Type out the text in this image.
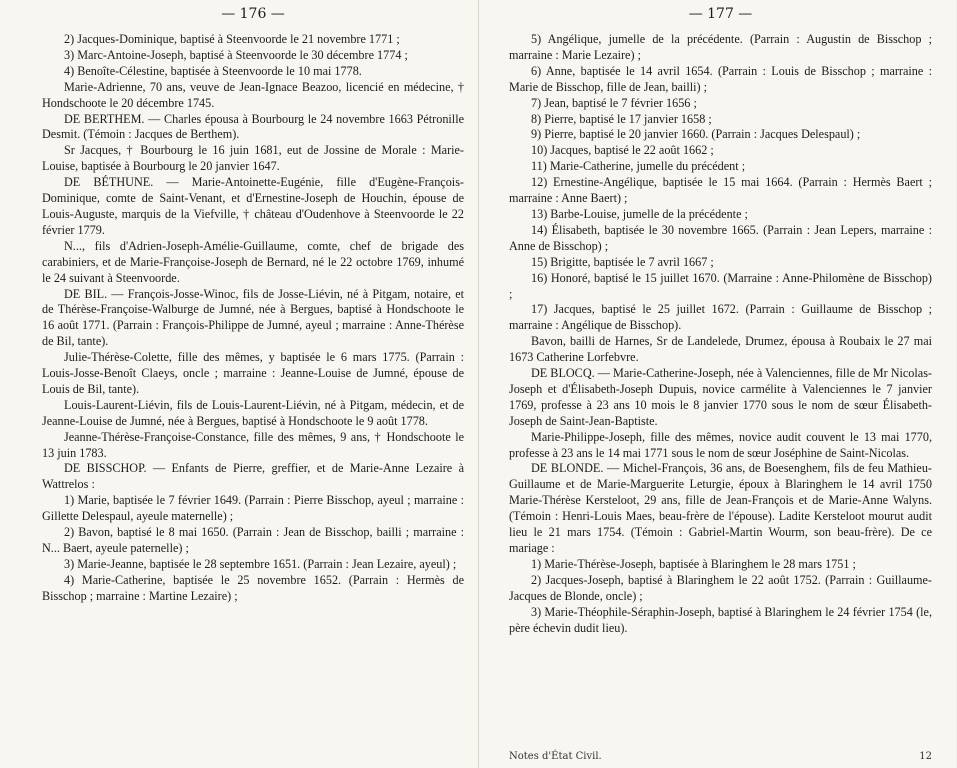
— 176 —

2) Jacques-Dominique, baptisé à Steenvoorde le 21 novembre 1771 ;

3) Marc-Antoine-Joseph, baptisé à Steenvoorde le 30 décembre 1774 ;

4) Benoîte-Célestine, baptisée à Steenvoorde le 10 mai 1778.

Marie-Adrienne, 70 ans, veuve de Jean-Ignace Beazoo, licencié en médecine, † Hondschoote le 20 décembre 1745.

DE BERTHEM. — Charles épousa à Bourbourg le 24 novembre 1663 Pétronille Desmit. (Témoin : Jacques de Berthem).

Sr Jacques, † Bourbourg le 16 juin 1681, eut de Jossine de Morale : Marie-Louise, baptisée à Bourbourg le 20 janvier 1647.

DE BÉTHUNE. — Marie-Antoinette-Eugénie, fille d'Eugène-François-Dominique, comte de Saint-Venant, et d'Ernestine-Joseph de Houchin, épouse de Louis-Auguste, marquis de la Viefville, † château d'Oudenhove à Steenvoorde le 22 février 1779.

N..., fils d'Adrien-Joseph-Amélie-Guillaume, comte, chef de brigade des carabiniers, et de Marie-Françoise-Joseph de Bernard, né le 22 octobre 1769, inhumé le 24 suivant à Steenvoorde.

DE BIL. — François-Josse-Winoc, fils de Josse-Liévin, né à Pitgam, notaire, et de Thérèse-Françoise-Walburge de Jumné, née à Bergues, baptisé à Hondschoote le 16 août 1771. (Parrain : François-Philippe de Jumné, ayeul ; marraine : Anne-Thérèse de Bil, tante).

Julie-Thérèse-Colette, fille des mêmes, y baptisée le 6 mars 1775. (Parrain : Louis-Josse-Benoît Claeys, oncle ; marraine : Jeanne-Louise de Jumné, épouse de Louis de Bil, tante).

Louis-Laurent-Liévin, fils de Louis-Laurent-Liévin, né à Pitgam, médecin, et de Jeanne-Louise de Jumné, née à Bergues, baptisé à Hondschoote le 9 août 1778.

Jeanne-Thérèse-Françoise-Constance, fille des mêmes, 9 ans, † Hondschoote le 13 juin 1783.

DE BISSCHOP. — Enfants de Pierre, greffier, et de Marie-Anne Lezaire à Wattrelos :

1) Marie, baptisée le 7 février 1649. (Parrain : Pierre Bisschop, ayeul ; marraine : Gillette Delespaul, ayeule maternelle) ;

2) Bavon, baptisé le 8 mai 1650. (Parrain : Jean de Bisschop, bailli ; marraine : N... Baert, ayeule paternelle) ;

3) Marie-Jeanne, baptisée le 28 septembre 1651. (Parrain : Jean Lezaire, ayeul) ;

4) Marie-Catherine, baptisée le 25 novembre 1652. (Parrain : Hermès de Bisschop ; marraine : Martine Lezaire) ;

— 177 —

5) Angélique, jumelle de la précédente. (Parrain : Augustin de Bisschop ; marraine : Marie Lezaire) ;

6) Anne, baptisée le 14 avril 1654. (Parrain : Louis de Bisschop ; marraine : Marie de Bisschop, fille de Jean, bailli) ;

7) Jean, baptisé le 7 février 1656 ;

8) Pierre, baptisé le 17 janvier 1658 ;

9) Pierre, baptisé le 20 janvier 1660. (Parrain : Jacques Delespaul) ;

10) Jacques, baptisé le 22 août 1662 ;

11) Marie-Catherine, jumelle du précédent ;

12) Ernestine-Angélique, baptisée le 15 mai 1664. (Parrain : Hermès Baert ; marraine : Anne Baert) ;

13) Barbe-Louise, jumelle de la précédente ;

14) Élisabeth, baptisée le 30 novembre 1665. (Parrain : Jean Lepers, marraine : Anne de Bisschop) ;

15) Brigitte, baptisée le 7 avril 1667 ;

16) Honoré, baptisé le 15 juillet 1670. (Marraine : Anne-Philomène de Bisschop) ;

17) Jacques, baptisé le 25 juillet 1672. (Parrain : Guillaume de Bisschop ; marraine : Angélique de Bisschop).

Bavon, bailli de Harnes, Sr de Landelede, Drumez, épousa à Roubaix le 27 mai 1673 Catherine Lorfebvre.

DE BLOCQ. — Marie-Catherine-Joseph, née à Valenciennes, fille de Mr Nicolas-Joseph et d'Élisabeth-Joseph Dupuis, novice carmélite à Valenciennes le 7 janvier 1769, professe à 23 ans 10 mois le 8 janvier 1770 sous le nom de sœur Élisabeth-Joseph de Saint-Jean-Baptiste.

Marie-Philippe-Joseph, fille des mêmes, novice audit couvent le 13 mai 1770, professe à 23 ans le 14 mai 1771 sous le nom de sœur Joséphine de Saint-Nicolas.

DE BLONDE. — Michel-François, 36 ans, de Boesenghem, fils de feu Mathieu-Guillaume et de Marie-Marguerite Leturgie, époux à Blaringhem le 14 avril 1750 Marie-Thérèse Kersteloot, 29 ans, fille de Jean-François et de Marie-Anne Walyns. (Témoin : Henri-Louis Maes, beau-frère de l'épouse). Ladite Kersteloot mourut audit lieu le 21 mars 1754. (Témoin : Gabriel-Martin Wourm, son beau-frère). De ce mariage :

1) Marie-Thérèse-Joseph, baptisée à Blaringhem le 28 mars 1751 ;

2) Jacques-Joseph, baptisé à Blaringhem le 22 août 1752. (Parrain : Guillaume-Jacques de Blonde, oncle) ;

3) Marie-Théophile-Séraphin-Joseph, baptisé à Blaringhem le 24 février 1754 (le, père échevin dudit lieu).

Notes d'État Civil.	12
